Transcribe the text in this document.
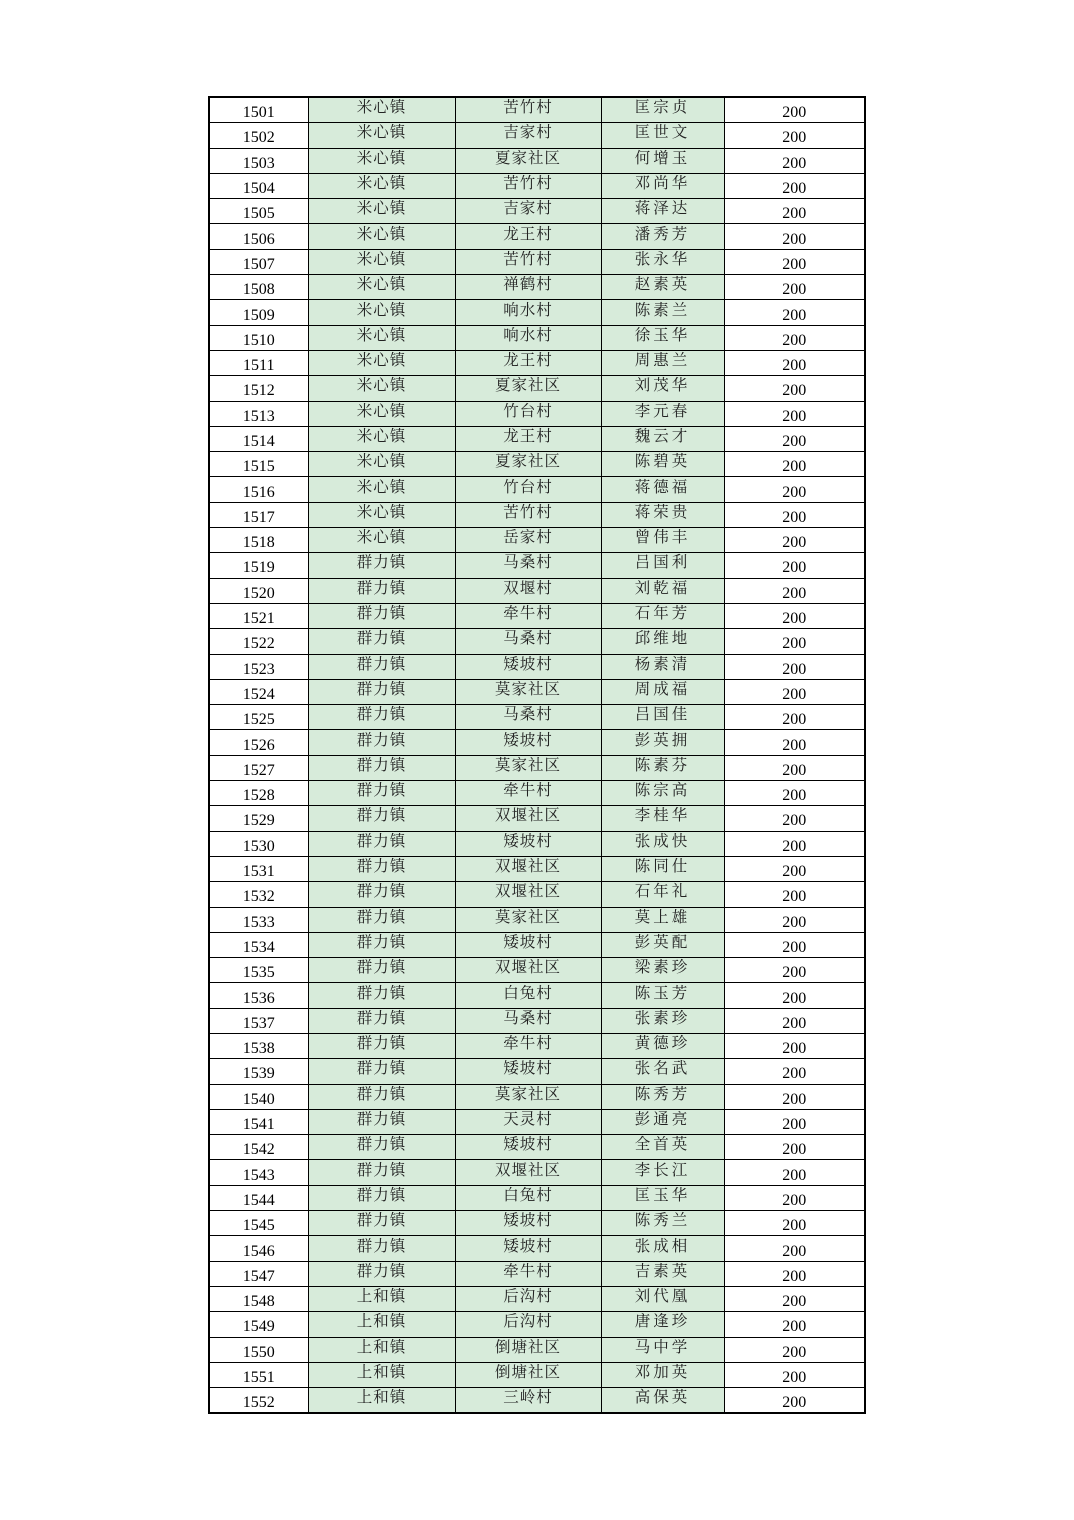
1501	米心镇	苦竹村	匡宗贞	200
1502	米心镇	吉家村	匡世文	200
1503	米心镇	夏家社区	何增玉	200
1504	米心镇	苦竹村	邓尚华	200
1505	米心镇	吉家村	蒋泽达	200
1506	米心镇	龙王村	潘秀芳	200
1507	米心镇	苦竹村	张永华	200
1508	米心镇	禅鹤村	赵素英	200
1509	米心镇	响水村	陈素兰	200
1510	米心镇	响水村	徐玉华	200
1511	米心镇	龙王村	周惠兰	200
1512	米心镇	夏家社区	刘茂华	200
1513	米心镇	竹台村	李元春	200
1514	米心镇	龙王村	魏云才	200
1515	米心镇	夏家社区	陈碧英	200
1516	米心镇	竹台村	蒋德福	200
1517	米心镇	苦竹村	蒋荣贵	200
1518	米心镇	岳家村	曾伟丰	200
1519	群力镇	马桑村	吕国利	200
1520	群力镇	双堰村	刘乾福	200
1521	群力镇	牵牛村	石年芳	200
1522	群力镇	马桑村	邱维地	200
1523	群力镇	矮坡村	杨素清	200
1524	群力镇	莫家社区	周成福	200
1525	群力镇	马桑村	吕国佳	200
1526	群力镇	矮坡村	彭英拥	200
1527	群力镇	莫家社区	陈素芬	200
1528	群力镇	牵牛村	陈宗高	200
1529	群力镇	双堰社区	李桂华	200
1530	群力镇	矮坡村	张成快	200
1531	群力镇	双堰社区	陈同仕	200
1532	群力镇	双堰社区	石年礼	200
1533	群力镇	莫家社区	莫上雄	200
1534	群力镇	矮坡村	彭英配	200
1535	群力镇	双堰社区	梁素珍	200
1536	群力镇	白兔村	陈玉芳	200
1537	群力镇	马桑村	张素珍	200
1538	群力镇	牵牛村	黄德珍	200
1539	群力镇	矮坡村	张名武	200
1540	群力镇	莫家社区	陈秀芳	200
1541	群力镇	天灵村	彭通亮	200
1542	群力镇	矮坡村	全首英	200
1543	群力镇	双堰社区	李长江	200
1544	群力镇	白兔村	匡玉华	200
1545	群力镇	矮坡村	陈秀兰	200
1546	群力镇	矮坡村	张成相	200
1547	群力镇	牵牛村	吉素英	200
1548	上和镇	后沟村	刘代凰	200
1549	上和镇	后沟村	唐逢珍	200
1550	上和镇	倒塘社区	马中学	200
1551	上和镇	倒塘社区	邓加英	200
1552	上和镇	三岭村	高保英	200
